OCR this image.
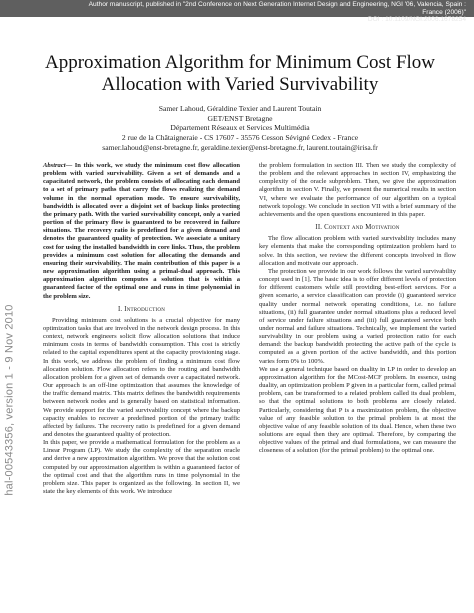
Author manuscript, published in "2nd Conference on Next Generation Internet Design and Engineering, NGI '06, Valencia, Spain :
France (2006)"
DOI : 10.1109/NGI.2006.1678254
hal-00543356, version 1 - 9 Nov 2010
Approximation Algorithm for Minimum Cost Flow
Allocation with Varied Survivability
Samer Lahoud, Géraldine Texier and Laurent Toutain
GET/ENST Bretagne
Département Réseaux et Services Multimédia
2 rue de la Châtaigneraie - CS 17607 - 35576 Cesson Sévigné Cedex - France
samer.lahoud@enst-bretagne.fr, geraldine.texier@enst-bretagne.fr, laurent.toutain@irisa.fr
Abstract— In this work, we study the minimum cost flow allocation problem with varied survivability. Given a set of demands and a capacitated network, the problem consists of allocating each demand to a set of primary paths that carry the flows realizing the demand volume in the normal operation mode. To ensure survivability, bandwidth is allocated over a disjoint set of backup links protecting the primary path. With the varied survivability concept, only a varied portion of the primary flow is guaranteed to be recovered in failure situations. The recovery ratio is predefined for a given demand and denotes the guaranteed quality of protection. We associate a unitary cost for using the installed bandwidth in core links. Thus, the problem provides a minimum cost solution for allocating the demands and ensuring their survivability. The main contribution of this paper is a new approximation algorithm using a primal-dual approach. This approximation algorithm computes a solution that is within a guaranteed factor of the optimal one and runs in time polynomial in the problem size.
I. Introduction

Providing minimum cost solutions is a crucial objective for many optimization tasks that are involved in the network design process. In this context, network engineers solicit flow allocation solutions that induce minimum costs in terms of bandwidth consumption. This cost is strictly related to the capital expenditures spent at the capacity provisioning stage. In this work, we address the problem of finding a minimum cost flow allocation solution. Flow allocation refers to the routing and bandwidth allocation problem for a given set of demands over a capacitated network. Our approach is an off-line optimization that assumes the knowledge of the traffic demand matrix. This matrix defines the bandwidth requirements between network nodes and is generally based on statistical information. We provide support for the varied survivability concept where the backup capacity enables to recover a predefined portion of the primary traffic affected by failures. The recovery ratio is predefined for a given demand and denotes the guaranteed quality of protection.

In this paper, we provide a mathematical formulation for the problem as a Linear Program (LP). We study the complexity of the separation oracle and derive a new approximation algorithm. We prove that the solution cost computed by our approximation algorithm is within a guaranteed factor of the optimal cost and that the algorithm runs in time polynomial in the problem size. This paper is organized as the following. In section II, we state the key elements of this work. We introduce

the problem formulation in section III. Then we study the complexity of the problem and the relevant approaches in section IV, emphasizing the complexity of the oracle subproblem. Then, we give the approximation algorithm in section V. Finally, we present the numerical results in section VI, where we evaluate the performance of our algorithm on a typical network topology. We conclude in section VII with a brief summary of the achievements and the open questions encountered in this paper.

II. Context and Motivation

The flow allocation problem with varied survivability includes many key elements that make the corresponding optimization problem hard to solve. In this section, we review the different concepts involved in flow allocation and motivate our approach.

The protection we provide in our work follows the varied survivability concept used in [1]. The basic idea is to offer different levels of protection for different customers while still providing best-effort services. For a given scenario, a service classification can provide (i) guaranteed service quality under normal network operating conditions, i.e. no failure situations, (ii) full guarantee under normal situations plus a reduced level of service under failure situations and (iii) full guaranteed service both under normal and failure situations. Technically, we implement the varied survivability in our problem using a varied protection ratio for each demand: the backup bandwidth protecting the active path of the cycle is computed as a given portion of the active bandwidth, and this portion varies form 0% to 100%.

We use a general technique based on duality in LP in order to develop an approximation algorithm for the MCost-MCF problem. In essence, using duality, an optimization problem P given in a particular form, called primal problem, can be transformed to a related problem called its dual problem, so that the optimal solutions to both problems are closely related. Particularly, considering that P is a maximization problem, the objective value of any feasible solution to the primal problem is at most the objective value of any feasible solution of its dual. Hence, when these two solutions are equal then they are optimal. Therefore, by comparing the objective values of the primal and dual formulations, we can measure the closeness of a solution (for the primal problem) to the optimal one.
